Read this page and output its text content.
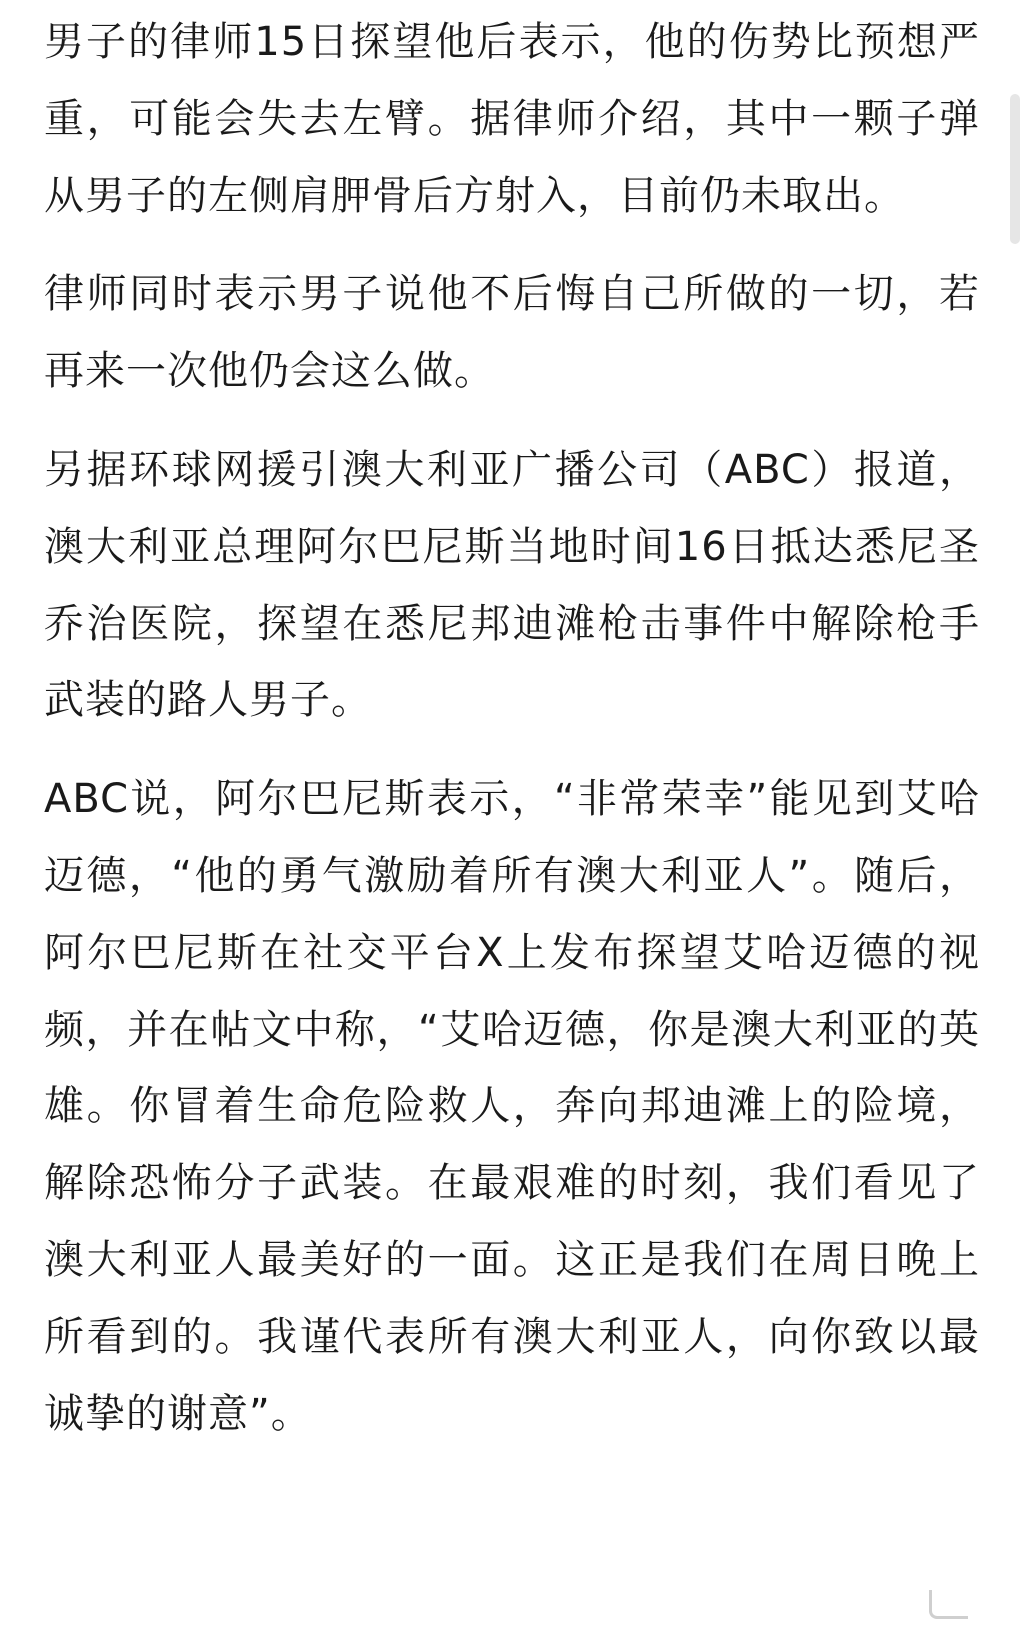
男子的律师15日探望他后表示，他的伤势比预想严重，可能会失去左臂。据律师介绍，其中一颗子弹从男子的左侧肩胛骨后方射入，目前仍未取出。

律师同时表示男子说他不后悔自己所做的一切，若再来一次他仍会这么做。

另据环球网援引澳大利亚广播公司（ABC）报道，澳大利亚总理阿尔巴尼斯当地时间16日抵达悉尼圣乔治医院，探望在悉尼邦迪滩枪击事件中解除枪手武装的路人男子。

ABC说，阿尔巴尼斯表示，“非常荣幸”能见到艾哈迈德，“他的勇气激励着所有澳大利亚人”。随后，阿尔巴尼斯在社交平台X上发布探望艾哈迈德的视频，并在帖文中称，“艾哈迈德，你是澳大利亚的英雄。你冒着生命危险救人，奔向邦迪滩上的险境，解除恐怖分子武装。在最艰难的时刻，我们看见了澳大利亚人最美好的一面。这正是我们在周日晚上所看到的。我谨代表所有澳大利亚人，向你致以最诚挚的谢意”。
